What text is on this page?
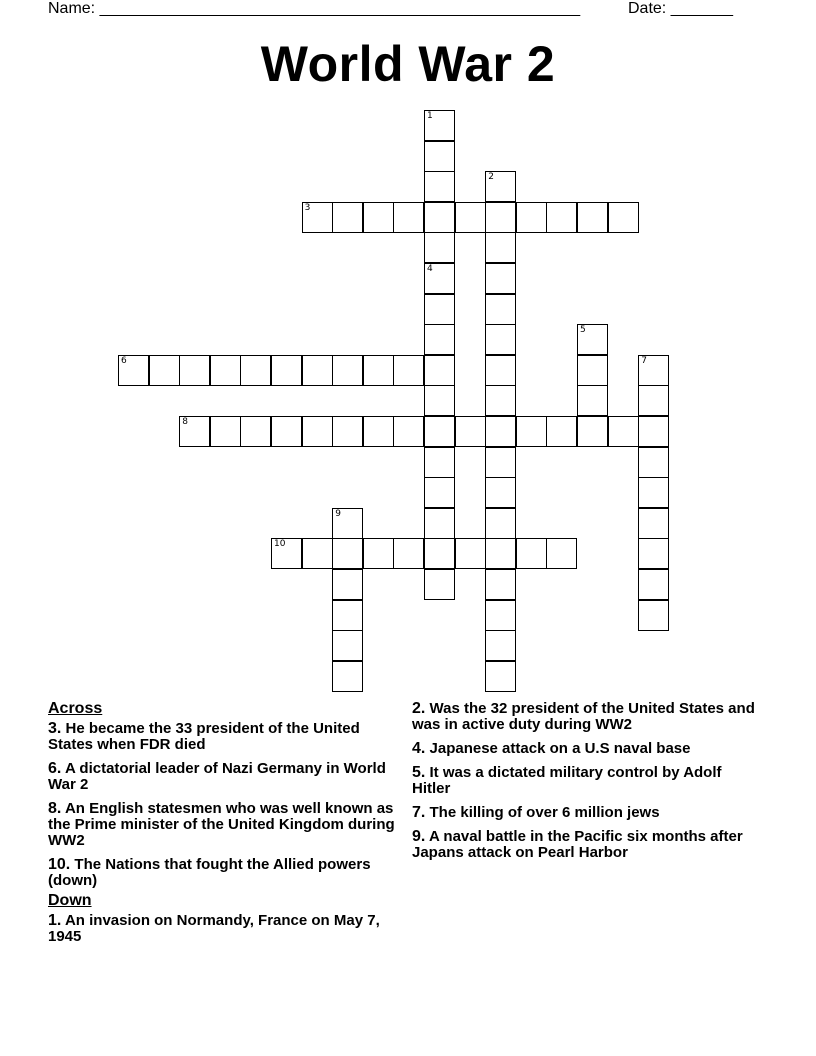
Name: ______________________________________________________	Date: _______
World War 2
1
4
2
3
5
6	7
8
9
10
Across
3. He became the 33 president of the United States when FDR died
6. A dictatorial leader of Nazi Germany in World War 2
8. An English statesmen who was well known as the Prime minister of the United Kingdom during WW2
10. The Nations that fought the Allied powers (down)
Down
1. An invasion on Normandy, France on May 7, 1945
2. Was the 32 president of the United States and was in active duty during WW2
4. Japanese attack on a U.S naval base
5. It was a dictated military control by Adolf Hitler
7. The killing of over 6 million jews
9. A naval battle in the Pacific six months after Japans attack on Pearl Harbor
